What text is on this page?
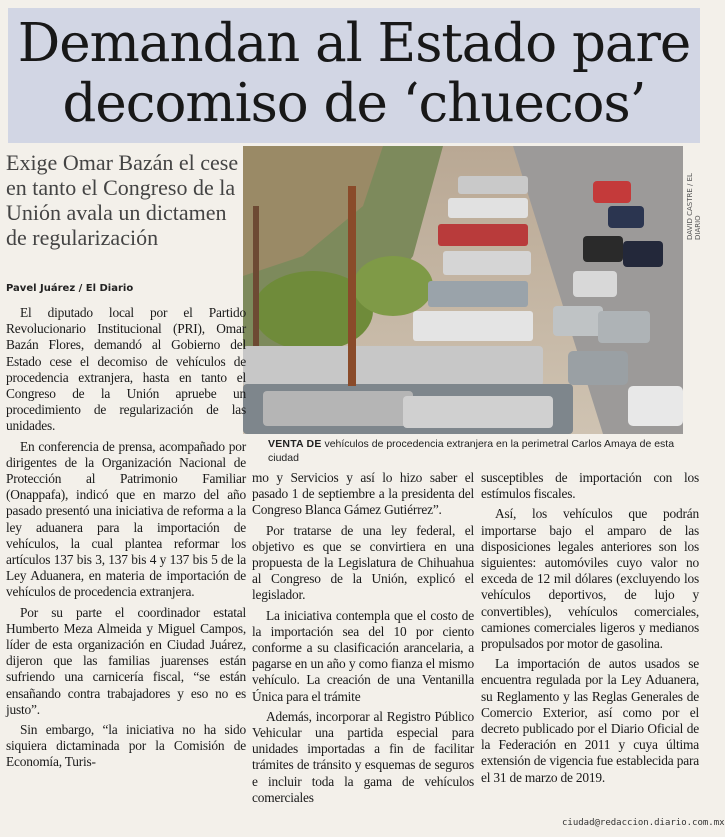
Demandan al Estado pare
decomiso de ‘chuecos’
Exige Omar Bazán el cese en tanto el Congreso de la Unión avala un dictamen de regularización
Pavel Juárez / El Diario
DAVID CASTRE / EL DIARIO
VENTA DE vehículos de procedencia extranjera en la perimetral Carlos Amaya de esta ciudad

El diputado local por el Partido Revolucionario Institucional (PRI), Omar Bazán Flores, demandó al Gobierno del Estado cese el decomiso de vehículos de procedencia extranjera, hasta en tanto el Congreso de la Unión apruebe un procedimiento de regularización de las unidades.

En conferencia de prensa, acompañado por dirigentes de la Organización Nacional de Protección al Patrimonio Familiar (Onappafa), indicó que en marzo del año pasado presentó una iniciativa de reforma a la ley aduanera para la importación de vehículos, la cual plantea reformar los artículos 137 bis 3, 137 bis 4 y 137 bis 5 de la Ley Aduanera, en materia de importación de vehículos de procedencia extranjera.

Por su parte el coordinador estatal Humberto Meza Almeida y Miguel Campos, líder de esta organización en Ciudad Juárez, dijeron que las familias juarenses están sufriendo una carnicería fiscal, “se están ensañando contra trabajadores y eso no es justo”.

Sin embargo, “la iniciativa no ha sido siquiera dictaminada por la Comisión de Economía, Turis-

mo y Servicios y así lo hizo saber el pasado 1 de septiembre a la presidenta del Congreso Blanca Gámez Gutiérrez”.

Por tratarse de una ley federal, el objetivo es que se convirtiera en una propuesta de la Legislatura de Chihuahua al Congreso de la Unión, explicó el legislador.

La iniciativa contempla que el costo de la importación sea del 10 por ciento conforme a su clasificación arancelaria, a pagarse en un año y como fianza el mismo vehículo. La creación de una Ventanilla Única para el trámite

Además, incorporar al Registro Público Vehicular una partida especial para unidades importadas a fin de facilitar trámites de tránsito y esquemas de seguros e incluir toda la gama de vehículos comerciales

susceptibles de importación con los estímulos fiscales.

Así, los vehículos que podrán importarse bajo el amparo de las disposiciones legales anteriores son los siguientes: automóviles cuyo valor no exceda de 12 mil dólares (excluyendo los vehículos deportivos, de lujo y convertibles), vehículos comerciales, camiones comerciales ligeros y medianos propulsados por motor de gasolina.

La importación de autos usados se encuentra regulada por la Ley Aduanera, su Reglamento y las Reglas Generales de Comercio Exterior, así como por el decreto publicado por el Diario Oficial de la Federación en 2011 y cuya última extensión de vigencia fue establecida para el 31 de marzo de 2019.

ciudad@redaccion.diario.com.mx
